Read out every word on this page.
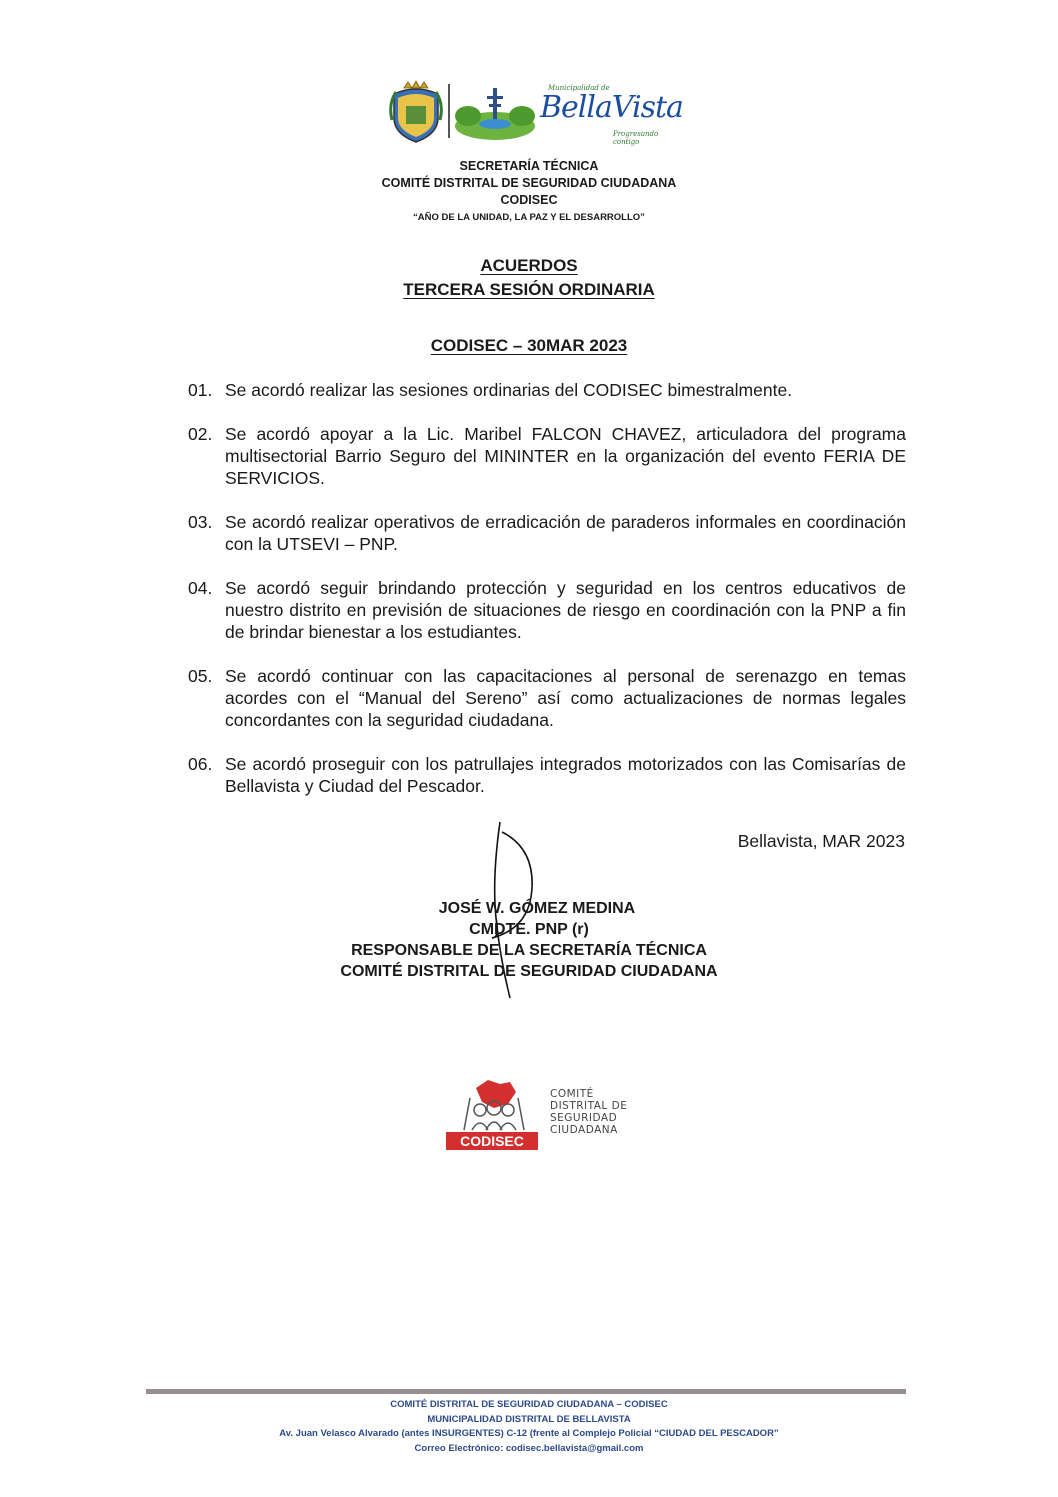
Municipalidad de
BellaVista
Progresando contigo
SECRETARÍA TÉCNICA
COMITÉ DISTRITAL DE SEGURIDAD CIUDADANA
CODISEC
“AÑO DE LA UNIDAD, LA PAZ Y EL DESARROLLO”
ACUERDOS
TERCERA SESIÓN ORDINARIA
CODISEC – 30MAR 2023
01. Se acordó realizar las sesiones ordinarias del CODISEC bimestralmente.
02. Se acordó apoyar a la Lic. Maribel FALCON CHAVEZ, articuladora del programa multisectorial Barrio Seguro del MININTER en la organización del evento FERIA DE SERVICIOS.
03. Se acordó realizar operativos de erradicación de paraderos informales en coordinación con la UTSEVI – PNP.
04. Se acordó seguir brindando protección y seguridad en los centros educativos de nuestro distrito en previsión de situaciones de riesgo en coordinación con la PNP a fin de brindar bienestar a los estudiantes.
05. Se acordó continuar con las capacitaciones al personal de serenazgo en temas acordes con el “Manual del Sereno” así como actualizaciones de normas legales concordantes con la seguridad ciudadana.
06. Se acordó proseguir con los patrullajes integrados motorizados con las Comisarías de Bellavista y Ciudad del Pescador.
Bellavista, MAR 2023
JOSÉ W. GÓMEZ MEDINA
CMDTE. PNP (r)
RESPONSABLE DE LA SECRETARÍA TÉCNICA
COMITÉ DISTRITAL DE SEGURIDAD CIUDADANA
CODISEC
COMITÉ
DISTRITAL DE
SEGURIDAD
CIUDADANA
COMITÉ DISTRITAL DE SEGURIDAD CIUDADANA – CODISEC
MUNICIPALIDAD DISTRITAL DE BELLAVISTA
Av. Juan Velasco Alvarado (antes INSURGENTES) C-12 (frente al Complejo Policial “CIUDAD DEL PESCADOR”
Correo Electrónico: codisec.bellavista@gmail.com
